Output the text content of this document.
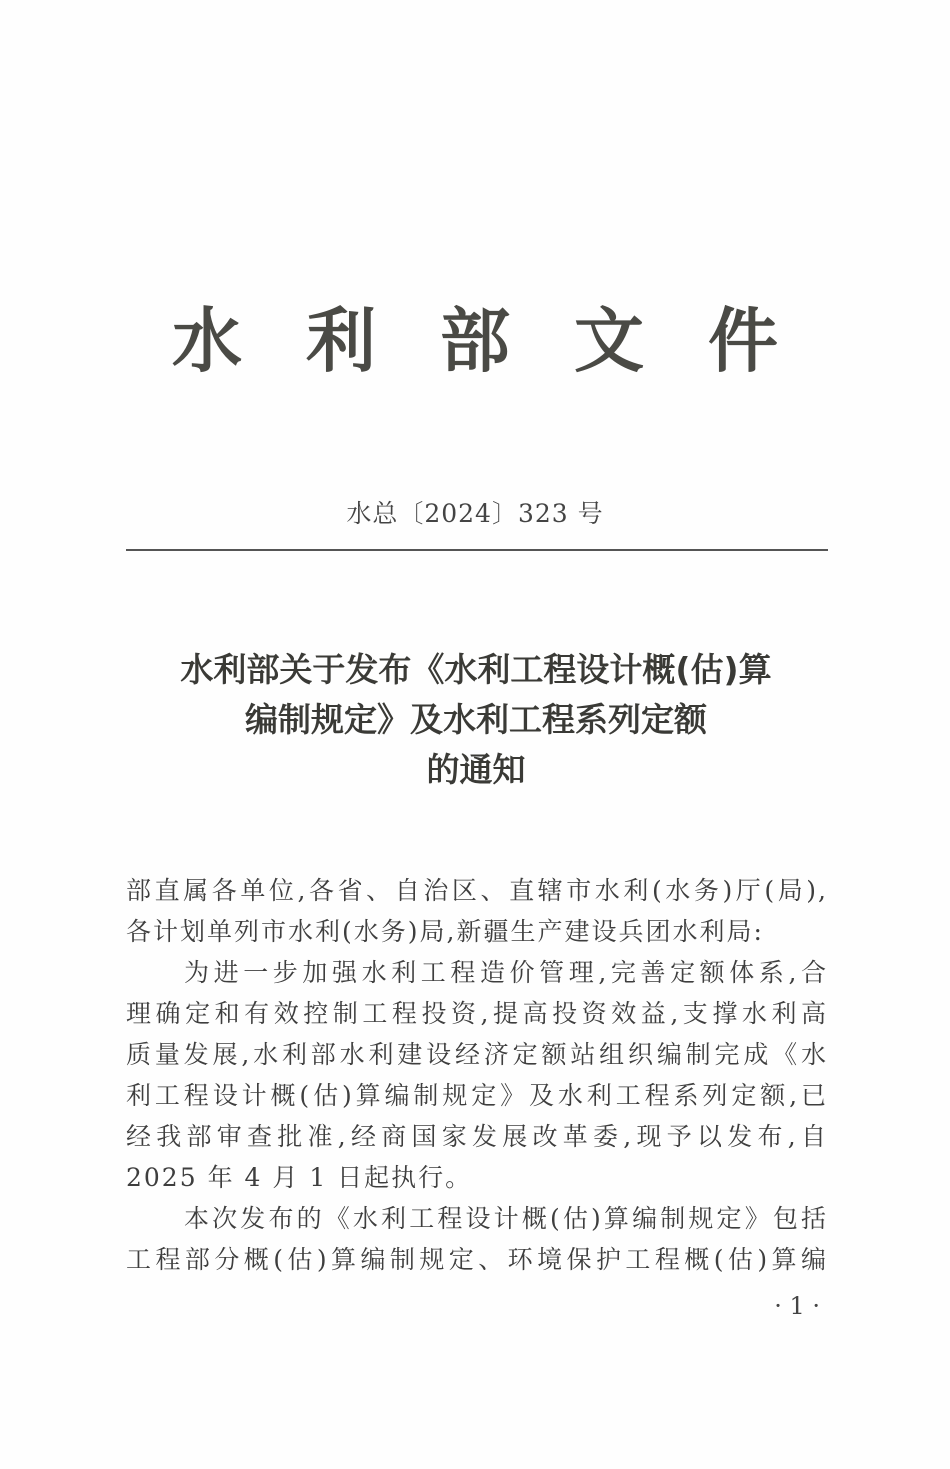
水利部文件
水总〔2024〕323 号
水利部关于发布《水利工程设计概(估)算
编制规定》及水利工程系列定额
的通知
部直属各单位,各省、自治区、直辖市水利(水务)厅(局),
各计划单列市水利(水务)局,新疆生产建设兵团水利局:
为进一步加强水利工程造价管理,完善定额体系,合
理确定和有效控制工程投资,提高投资效益,支撑水利高
质量发展,水利部水利建设经济定额站组织编制完成《水
利工程设计概(估)算编制规定》及水利工程系列定额,已
经我部审查批准,经商国家发展改革委,现予以发布,自
2025 年 4 月 1 日起执行。
本次发布的《水利工程设计概(估)算编制规定》包括
工程部分概(估)算编制规定、环境保护工程概(估)算编
· 1 ·
